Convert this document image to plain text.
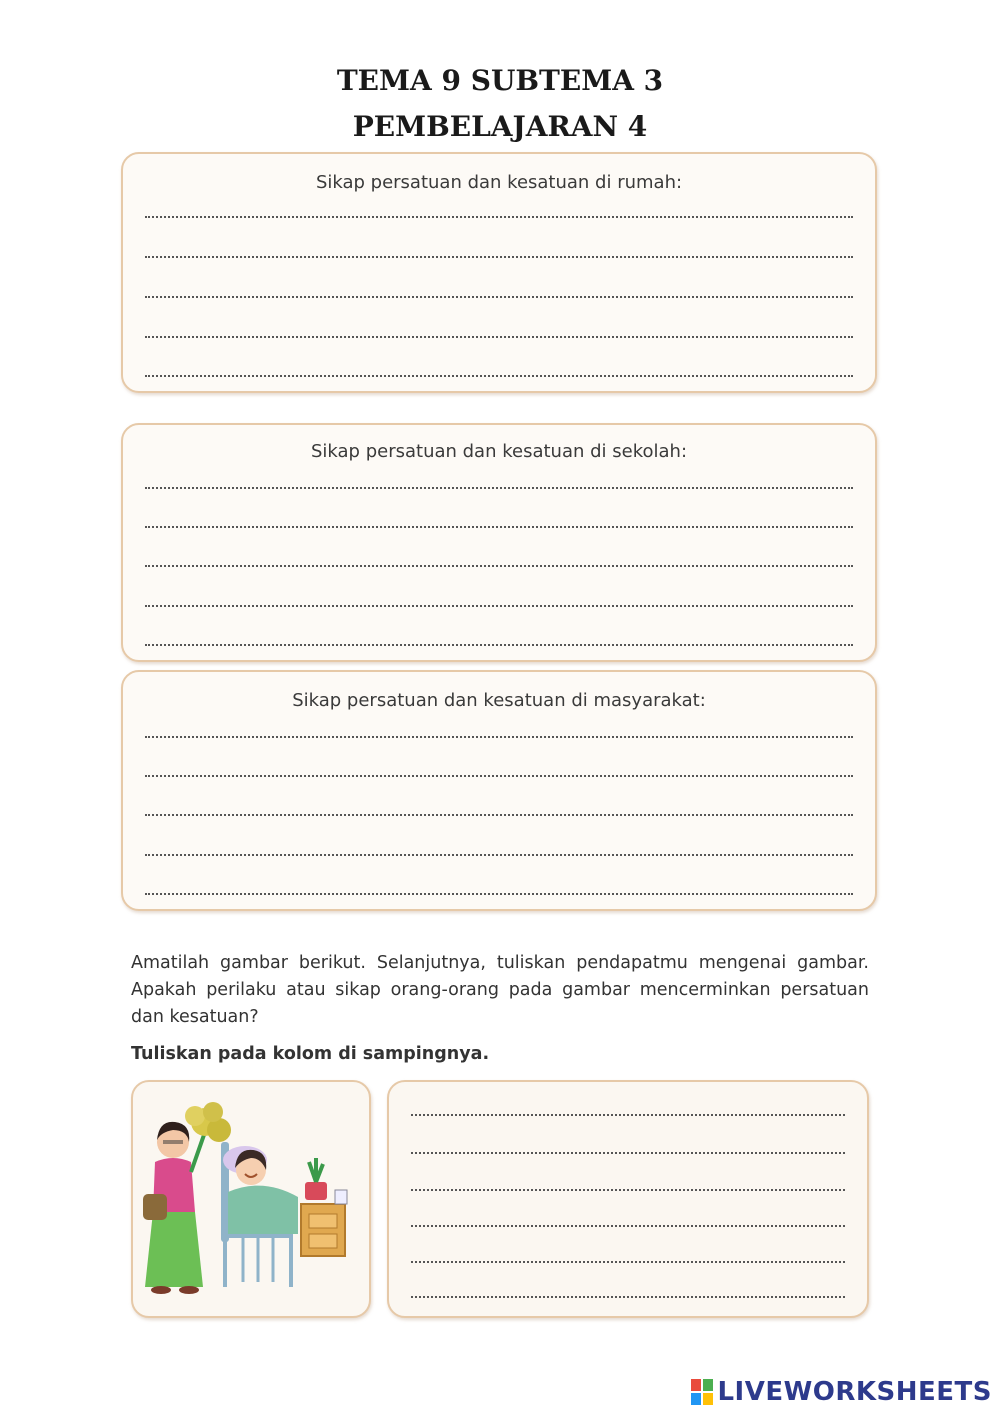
TEMA 9 SUBTEMA 3
PEMBELAJARAN 4
Sikap persatuan dan kesatuan di rumah:
Sikap persatuan dan kesatuan di sekolah:
Sikap persatuan dan kesatuan di masyarakat:
Amatilah gambar berikut. Selanjutnya, tuliskan pendapatmu mengenai gambar. Apakah perilaku atau sikap orang-orang pada gambar mencerminkan persatuan dan kesatuan?
Tuliskan pada kolom di sampingnya.
LIVEWORKSHEETS
